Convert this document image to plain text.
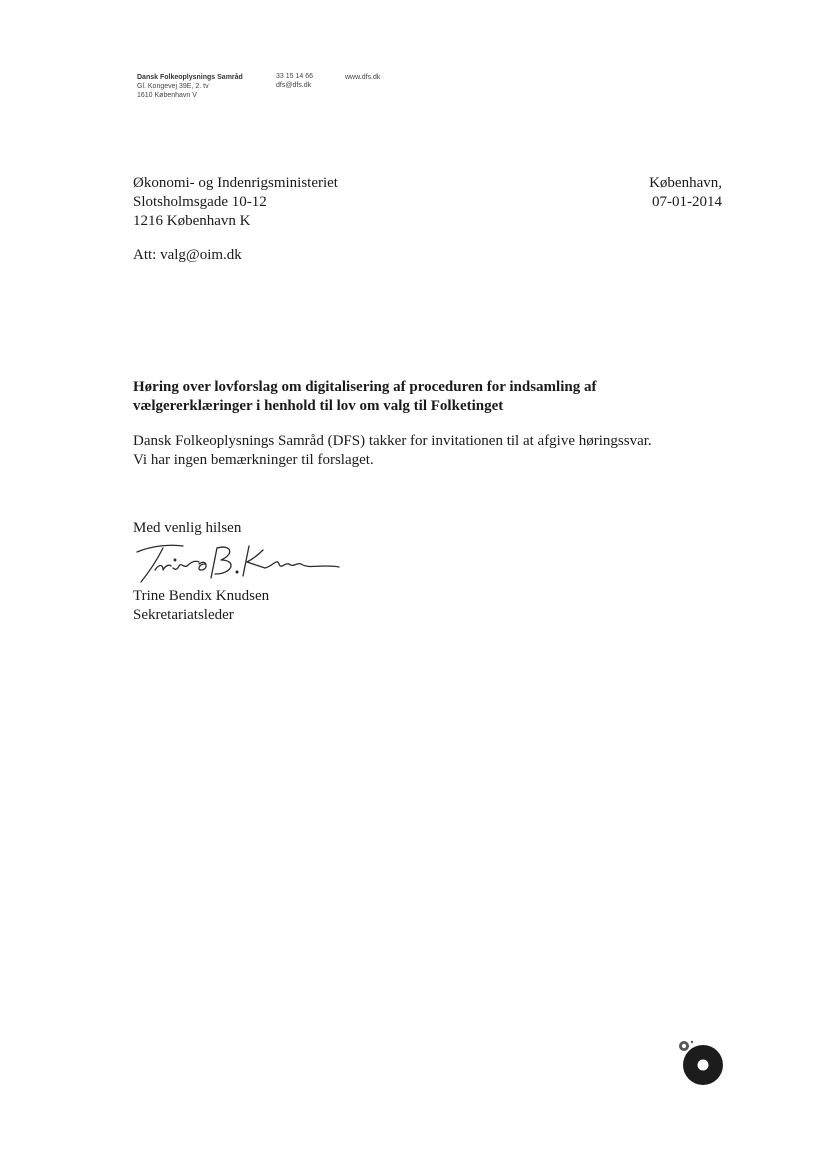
Dansk Folkeoplysnings Samråd
Gl. Kongevej 39E, 2. tv
1610 København V
33 15 14 66
dfs@dfs.dk
www.dfs.dk
Økonomi- og Indenrigsministeriet
Slotsholmsgade 10-12
1216 København K
København,
07-01-2014
Att: valg@oim.dk
Høring over lovforslag om digitalisering af proceduren for indsamling af
vælgererklæringer i henhold til lov om valg til Folketinget
Dansk Folkeoplysnings Samråd (DFS) takker for invitationen til at afgive høringssvar.
Vi har ingen bemærkninger til forslaget.
Med venlig hilsen
Trine Bendix Knudsen
Sekretariatsleder
